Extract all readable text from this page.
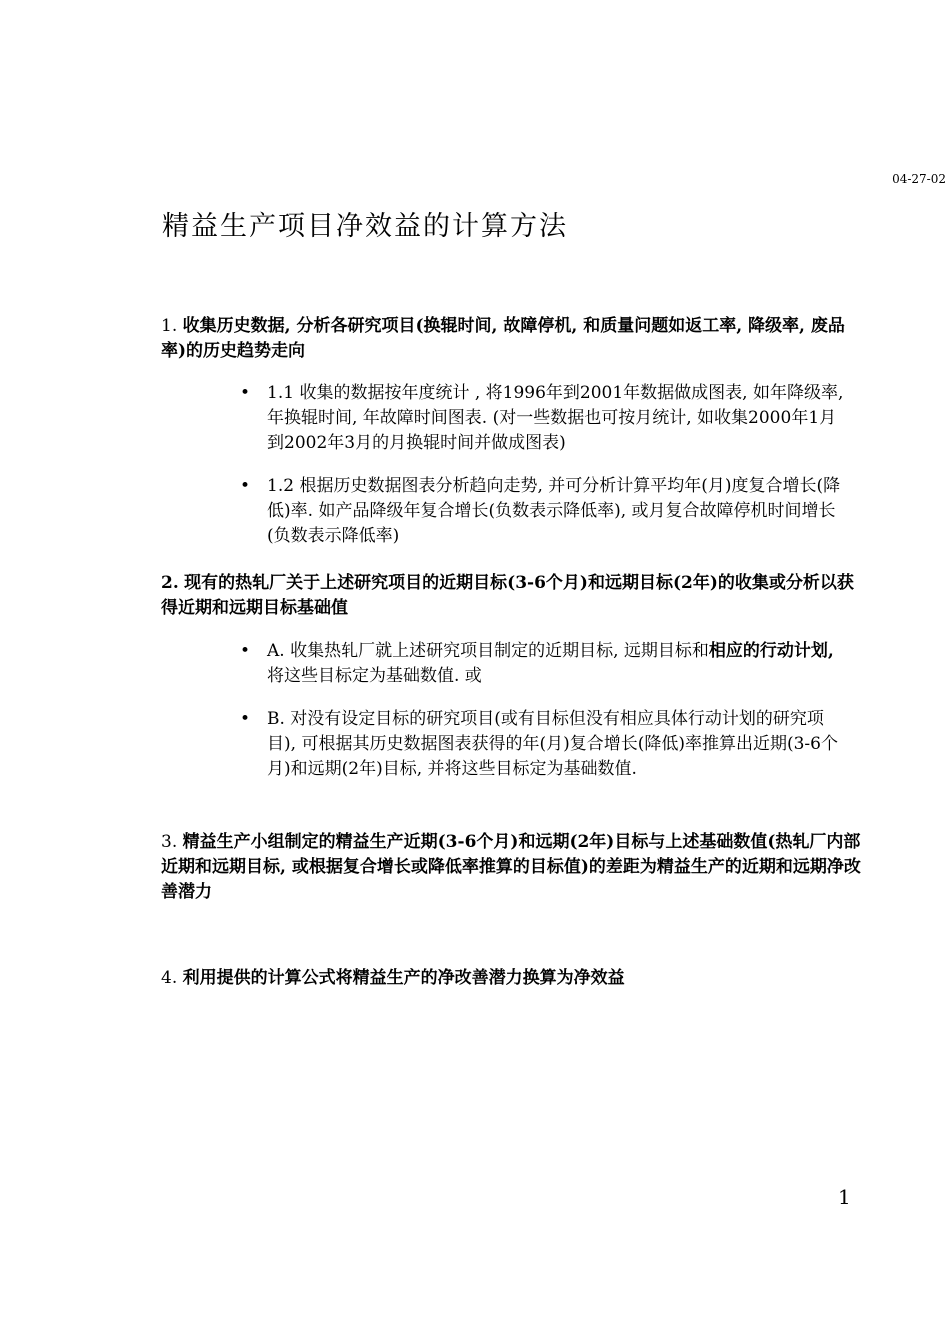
04-27-02
精益生产项目净效益的计算方法
1. 收集历史数据, 分析各研究项目(换辊时间, 故障停机, 和质量问题如返工率, 降级率, 废品率)的历史趋势走向
• 1.1 收集的数据按年度统计 , 将1996年到2001年数据做成图表, 如年降级率, 年换辊时间, 年故障时间图表. (对一些数据也可按月统计, 如收集2000年1月到2002年3月的月换辊时间并做成图表)
• 1.2 根据历史数据图表分析趋向走势, 并可分析计算平均年(月)度复合增长(降低)率. 如产品降级年复合增长(负数表示降低率), 或月复合故障停机时间增长(负数表示降低率)
2. 现有的热轧厂关于上述研究项目的近期目标(3-6个月)和远期目标(2年)的收集或分析以获得近期和远期目标基础值
• A. 收集热轧厂就上述研究项目制定的近期目标, 远期目标和相应的行动计划, 将这些目标定为基础数值. 或
• B. 对没有设定目标的研究项目(或有目标但没有相应具体行动计划的研究项目), 可根据其历史数据图表获得的年(月)复合增长(降低)率推算出近期(3-6个月)和远期(2年)目标, 并将这些目标定为基础数值.
3. 精益生产小组制定的精益生产近期(3-6个月)和远期(2年)目标与上述基础数值(热轧厂内部近期和远期目标, 或根据复合增长或降低率推算的目标值)的差距为精益生产的近期和远期净改善潜力
4. 利用提供的计算公式将精益生产的净改善潜力换算为净效益
1
